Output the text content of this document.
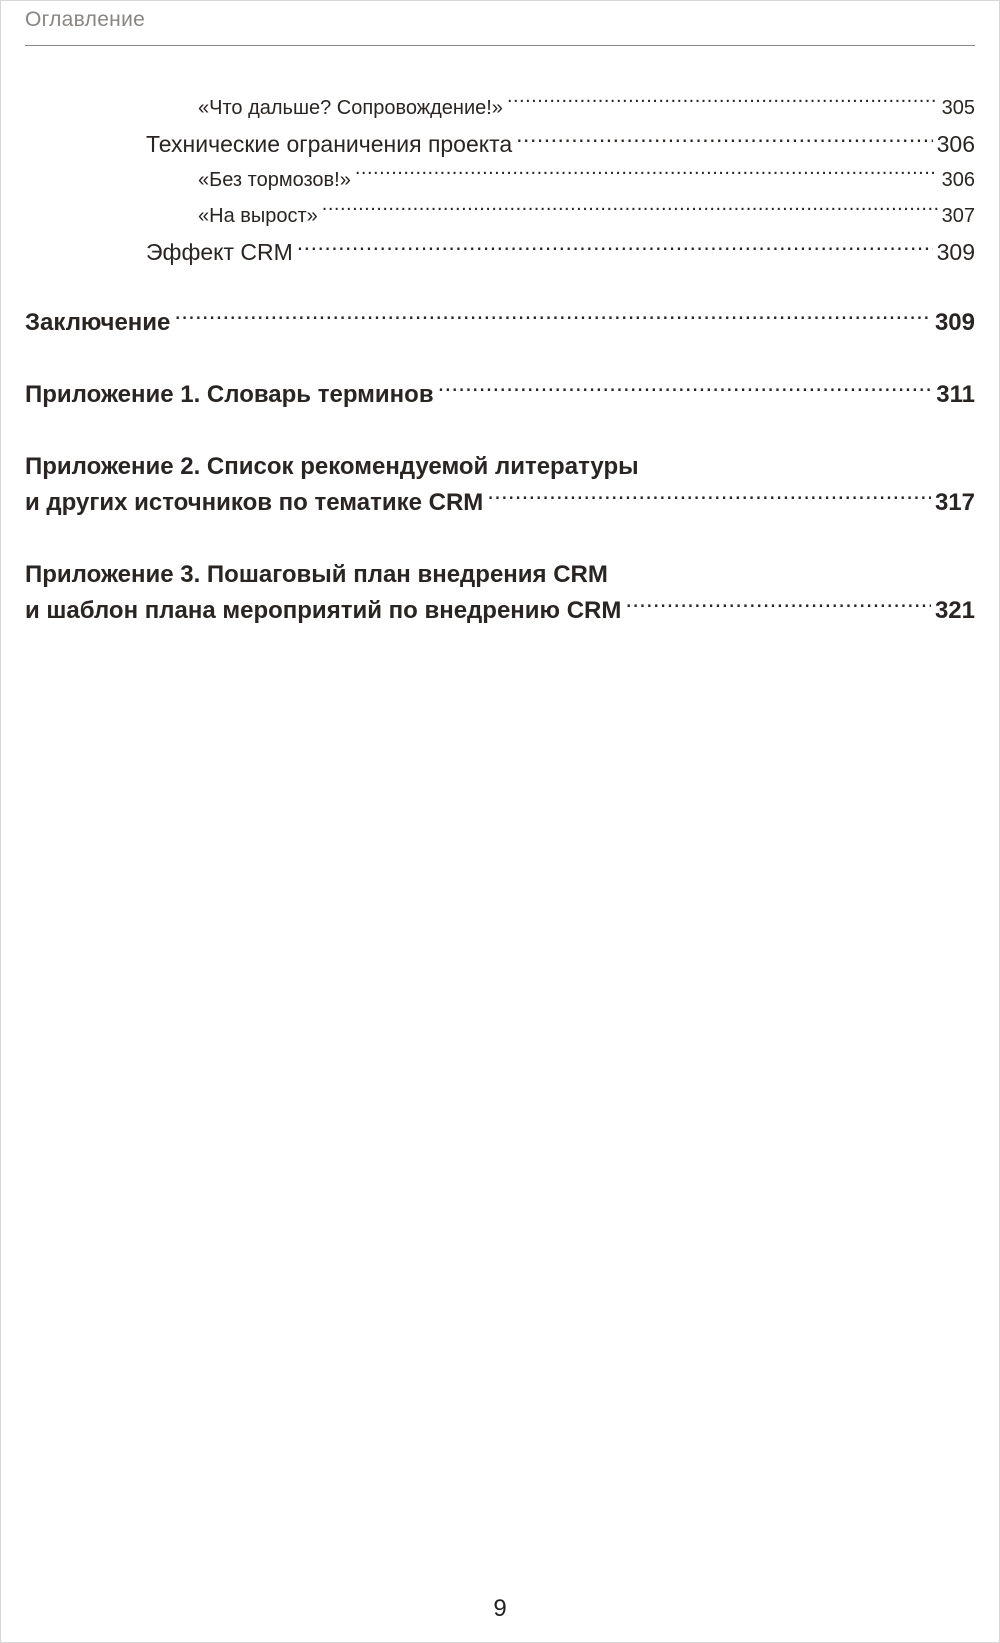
Оглавление
«Что дальше? Сопровождение!» .....	305
Технические ограничения проекта .....	306
«Без тормозов!» .....	306
«На вырост» .....	307
Эффект CRM .....	309
Заключение .....	309
Приложение 1. Словарь терминов .....	311
Приложение 2. Список рекомендуемой литературы
и других источников по тематике CRM .....	317
Приложение 3. Пошаговый план внедрения CRM
и шаблон плана мероприятий по внедрению CRM .....	321
9
